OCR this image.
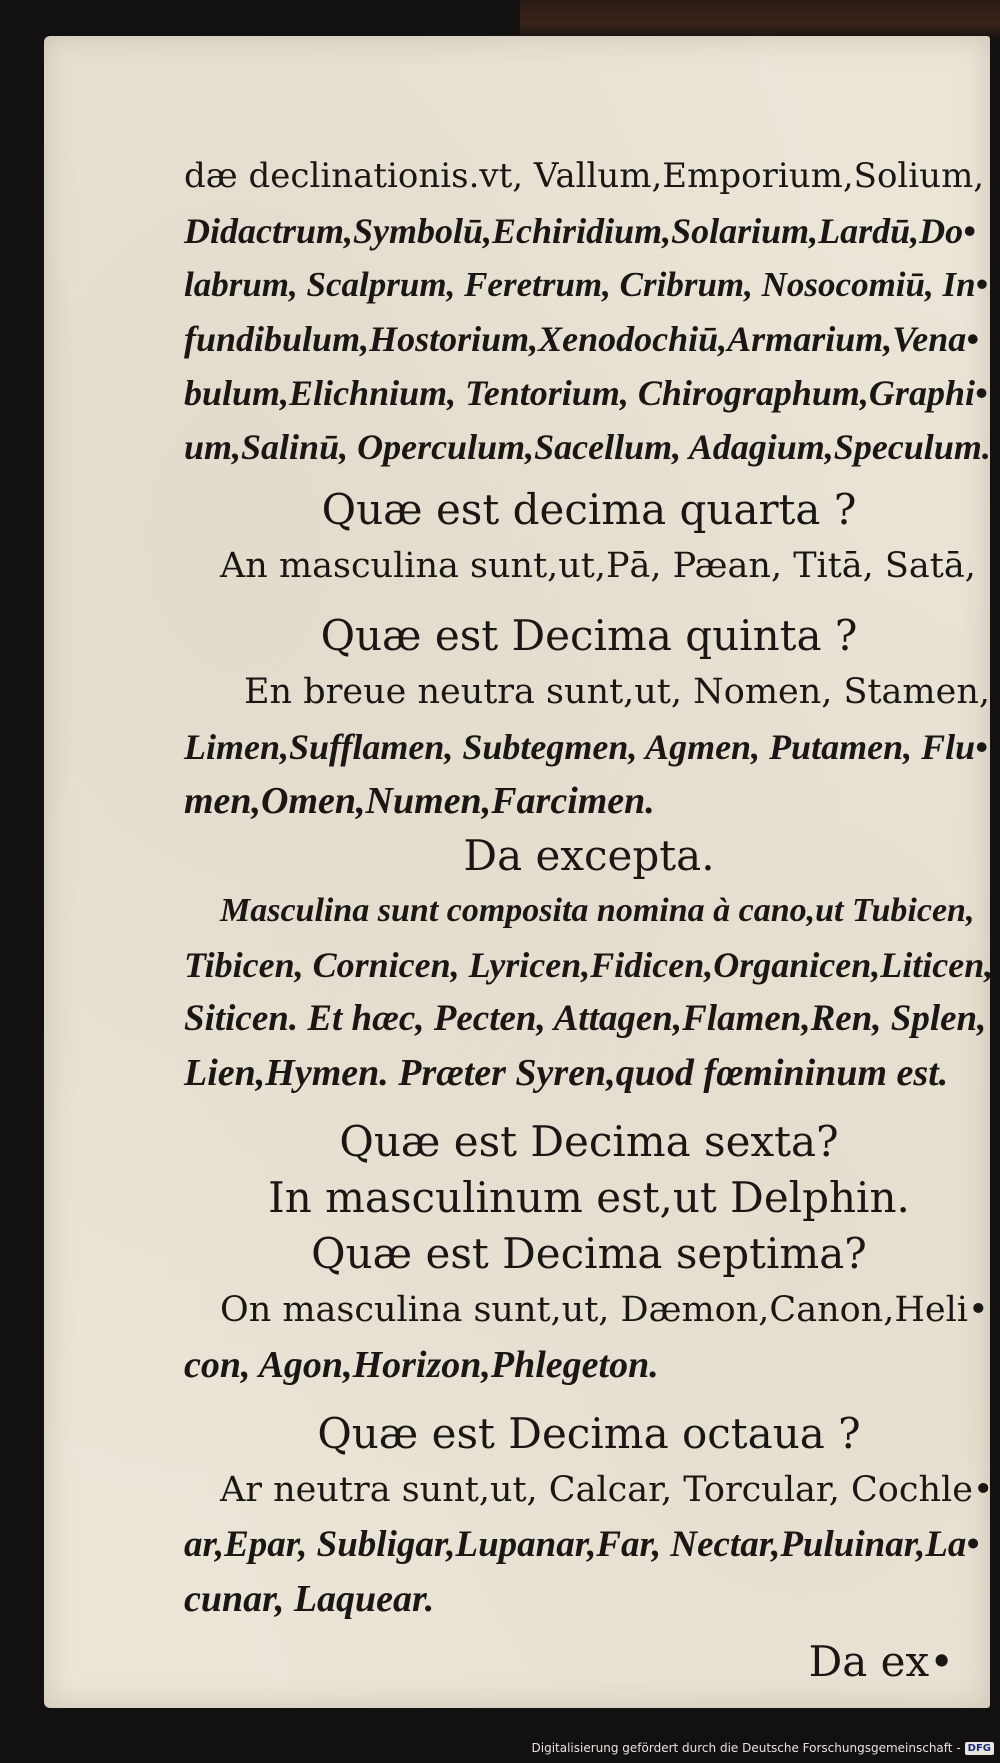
dæ declinationis.vt, Vallum,Emporium,Solium,
Didactrum,Symbolū,Echiridium,Solarium,Lardū,Do•
labrum, Scalprum, Feretrum, Cribrum, Nosocomiū, In•
fundibulum,Hostorium,Xenodochiū,Armarium,Vena•
bulum,Elichnium, Tentorium, Chirographum,Graphi•
um,Salinū, Operculum,Sacellum, Adagium,Speculum.
Quæ est decima quarta ?
An masculina sunt,ut,Pā, Pæan, Titā, Satā,
Quæ est Decima quinta ?
En breue neutra sunt,ut, Nomen, Stamen,
Limen,Sufflamen, Subtegmen, Agmen, Putamen, Flu•
men,Omen,Numen,Farcimen.
Da excepta.
Masculina sunt composita nomina à cano,ut Tubicen,
Tibicen, Cornicen, Lyricen,Fidicen,Organicen,Liticen,
Siticen. Et hæc, Pecten, Attagen,Flamen,Ren, Splen,
Lien,Hymen. Præter Syren,quod fœmininum est.
Quæ est Decima sexta?
In masculinum est,ut Delphin.
Quæ est Decima septima?
On masculina sunt,ut, Dæmon,Canon,Heli•
con, Agon,Horizon,Phlegeton.
Quæ est Decima octaua ?
Ar neutra sunt,ut, Calcar, Torcular, Cochle•
ar,Epar, Subligar,Lupanar,Far, Nectar,Puluinar,La•
cunar, Laquear.
Da ex•
Digitalisierung gefördert durch die Deutsche Forschungsgemeinschaft - DFG
